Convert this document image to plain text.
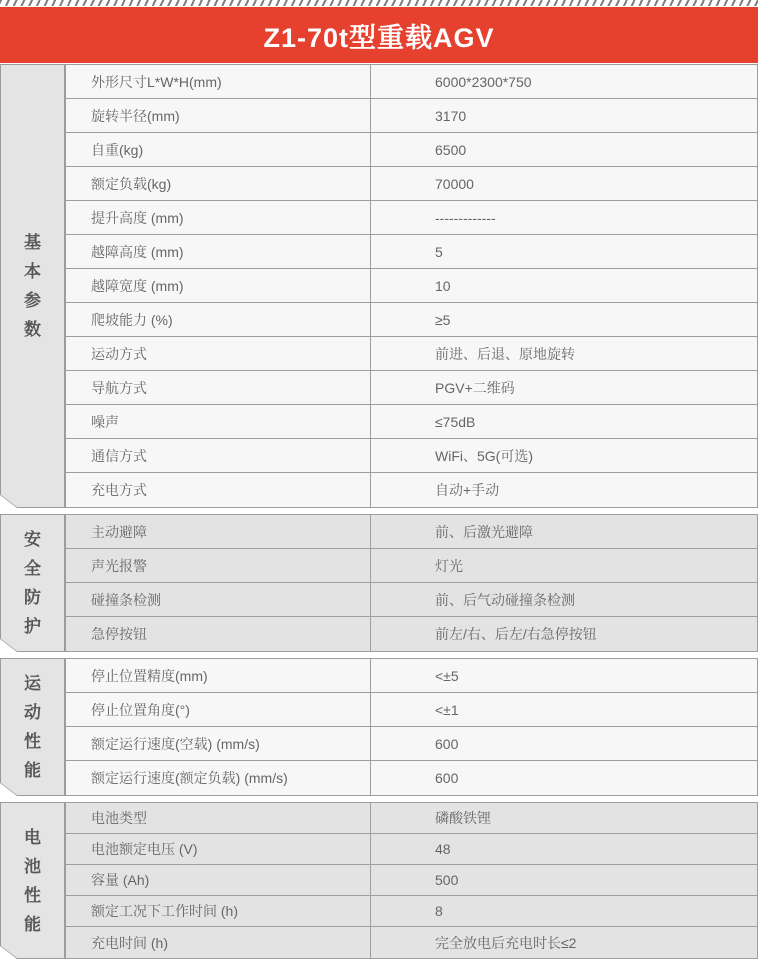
Z1-70t型重载AGV
基
本
参
数
外形尺寸L*W*H(mm)	6000*2300*750
旋转半径(mm)	3170
自重(kg)	6500
额定负载(kg)	70000
提升高度 (mm)	-------------
越障高度 (mm)	5
越障宽度 (mm)	10
爬坡能力 (%)	≥5
运动方式	前进、后退、原地旋转
导航方式	PGV+二维码
噪声	≤75dB
通信方式	WiFi、5G(可选)
充电方式	自动+手动
安
全
防
护
主动避障	前、后激光避障
声光报警	灯光
碰撞条检测	前、后气动碰撞条检测
急停按钮	前左/右、后左/右急停按钮
运
动
性
能
停止位置精度(mm)	<±5
停止位置角度(°)	<±1
额定运行速度(空载) (mm/s)	600
额定运行速度(额定负载) (mm/s)	600
电
池
性
能
电池类型	磷酸铁锂
电池额定电压 (V)	48
容量 (Ah)	500
额定工况下工作时间 (h)	8
充电时间 (h)	完全放电后充电时长≤2
